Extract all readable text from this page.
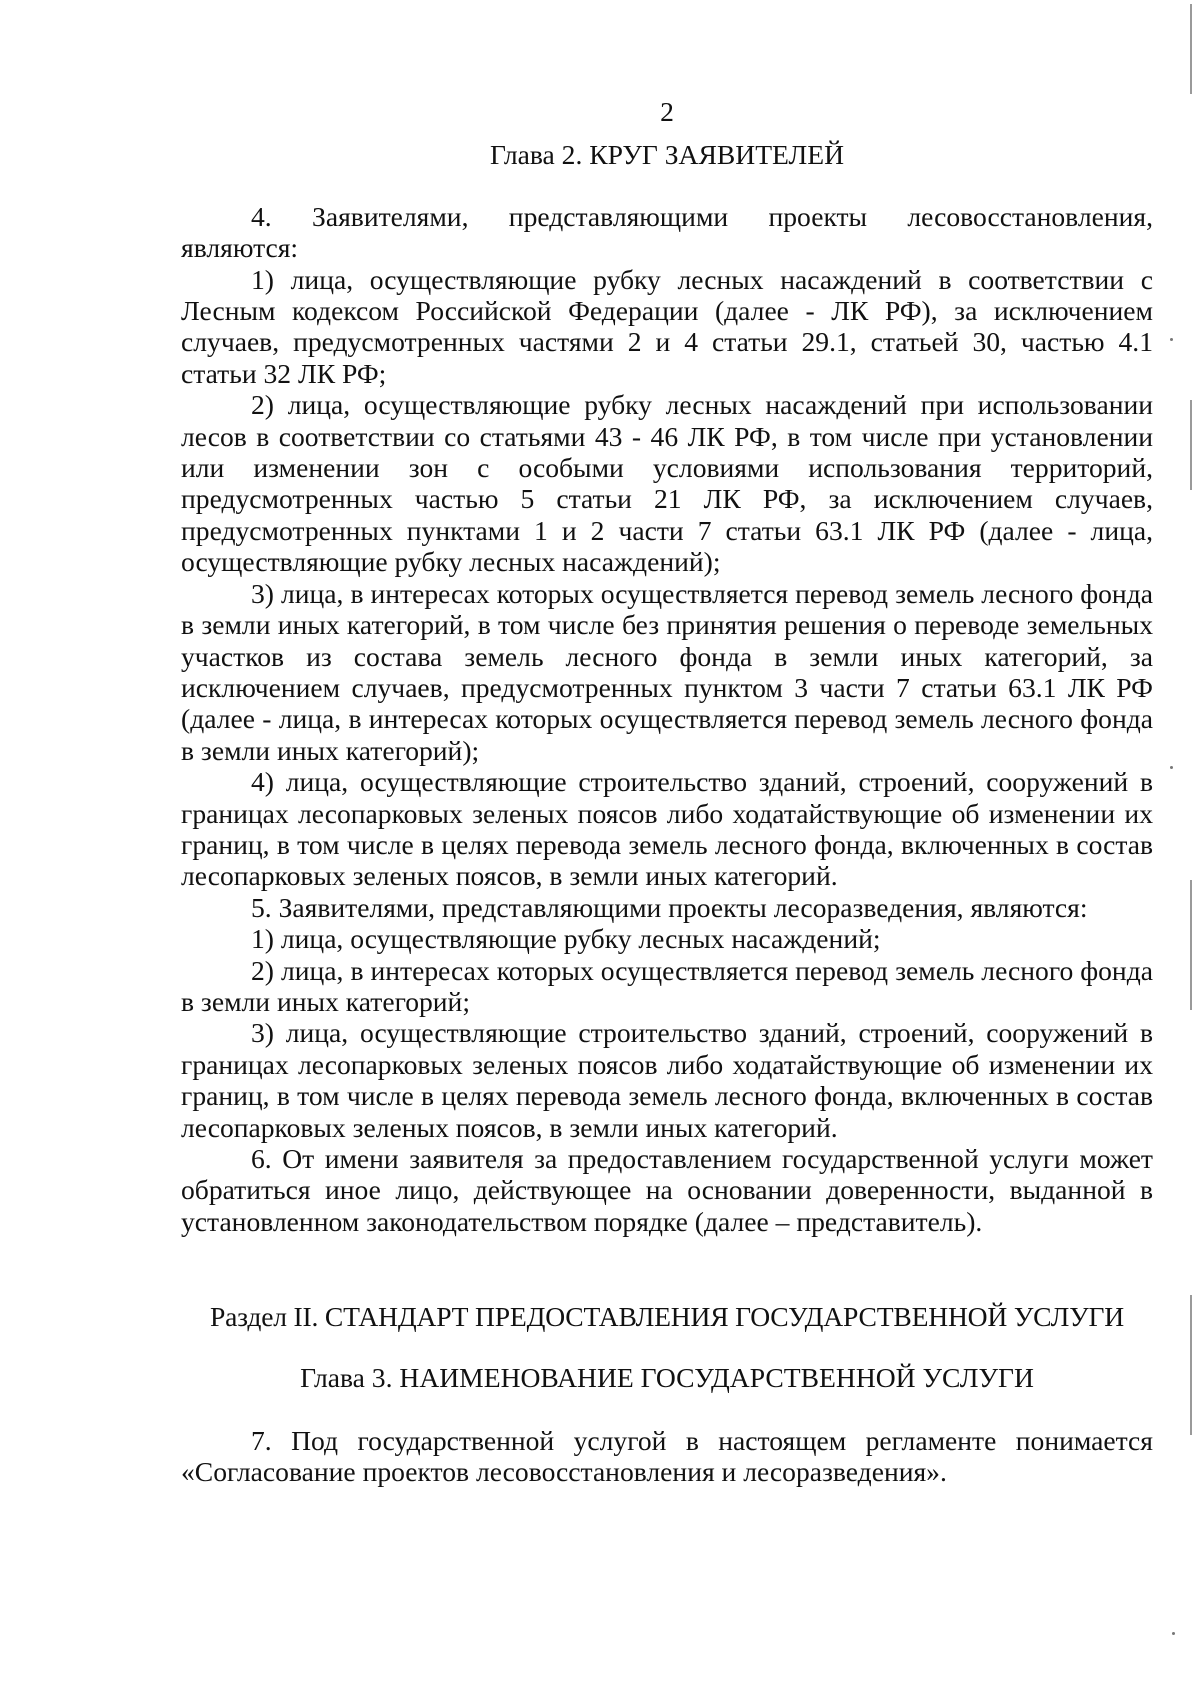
2
Глава 2. КРУГ ЗАЯВИТЕЛЕЙ

4. Заявителями, представляющими проекты лесовосстановления, являются:

1) лица, осуществляющие рубку лесных насаждений в соответствии с Лесным кодексом Российской Федерации (далее - ЛК РФ), за исключением случаев, предусмотренных частями 2 и 4 статьи 29.1, статьей 30, частью 4.1 статьи 32 ЛК РФ;

2) лица, осуществляющие рубку лесных насаждений при использовании лесов в соответствии со статьями 43 - 46 ЛК РФ, в том числе при установлении или изменении зон с особыми условиями использования территорий, предусмотренных частью 5 статьи 21 ЛК РФ, за исключением случаев, предусмотренных пунктами 1 и 2 части 7 статьи 63.1 ЛК РФ (далее - лица, осуществляющие рубку лесных насаждений);

3) лица, в интересах которых осуществляется перевод земель лесного фонда в земли иных категорий, в том числе без принятия решения о переводе земельных участков из состава земель лесного фонда в земли иных категорий, за исключением случаев, предусмотренных пунктом 3 части 7 статьи 63.1 ЛК РФ (далее - лица, в интересах которых осуществляется перевод земель лесного фонда в земли иных категорий);

4) лица, осуществляющие строительство зданий, строений, сооружений в границах лесопарковых зеленых поясов либо ходатайствующие об изменении их границ, в том числе в целях перевода земель лесного фонда, включенных в состав лесопарковых зеленых поясов, в земли иных категорий.

5. Заявителями, представляющими проекты лесоразведения, являются:

1) лица, осуществляющие рубку лесных насаждений;

2) лица, в интересах которых осуществляется перевод земель лесного фонда в земли иных категорий;

3) лица, осуществляющие строительство зданий, строений, сооружений в границах лесопарковых зеленых поясов либо ходатайствующие об изменении их границ, в том числе в целях перевода земель лесного фонда, включенных в состав лесопарковых зеленых поясов, в земли иных категорий.

6. От имени заявителя за предоставлением государственной услуги может обратиться иное лицо, действующее на основании доверенности, выданной в установленном законодательством порядке (далее – представитель).

Раздел II. СТАНДАРТ ПРЕДОСТАВЛЕНИЯ ГОСУДАРСТВЕННОЙ УСЛУГИ
Глава 3. НАИМЕНОВАНИЕ ГОСУДАРСТВЕННОЙ УСЛУГИ

7. Под государственной услугой в настоящем регламенте понимается «Согласование проектов лесовосстановления и лесоразведения».
